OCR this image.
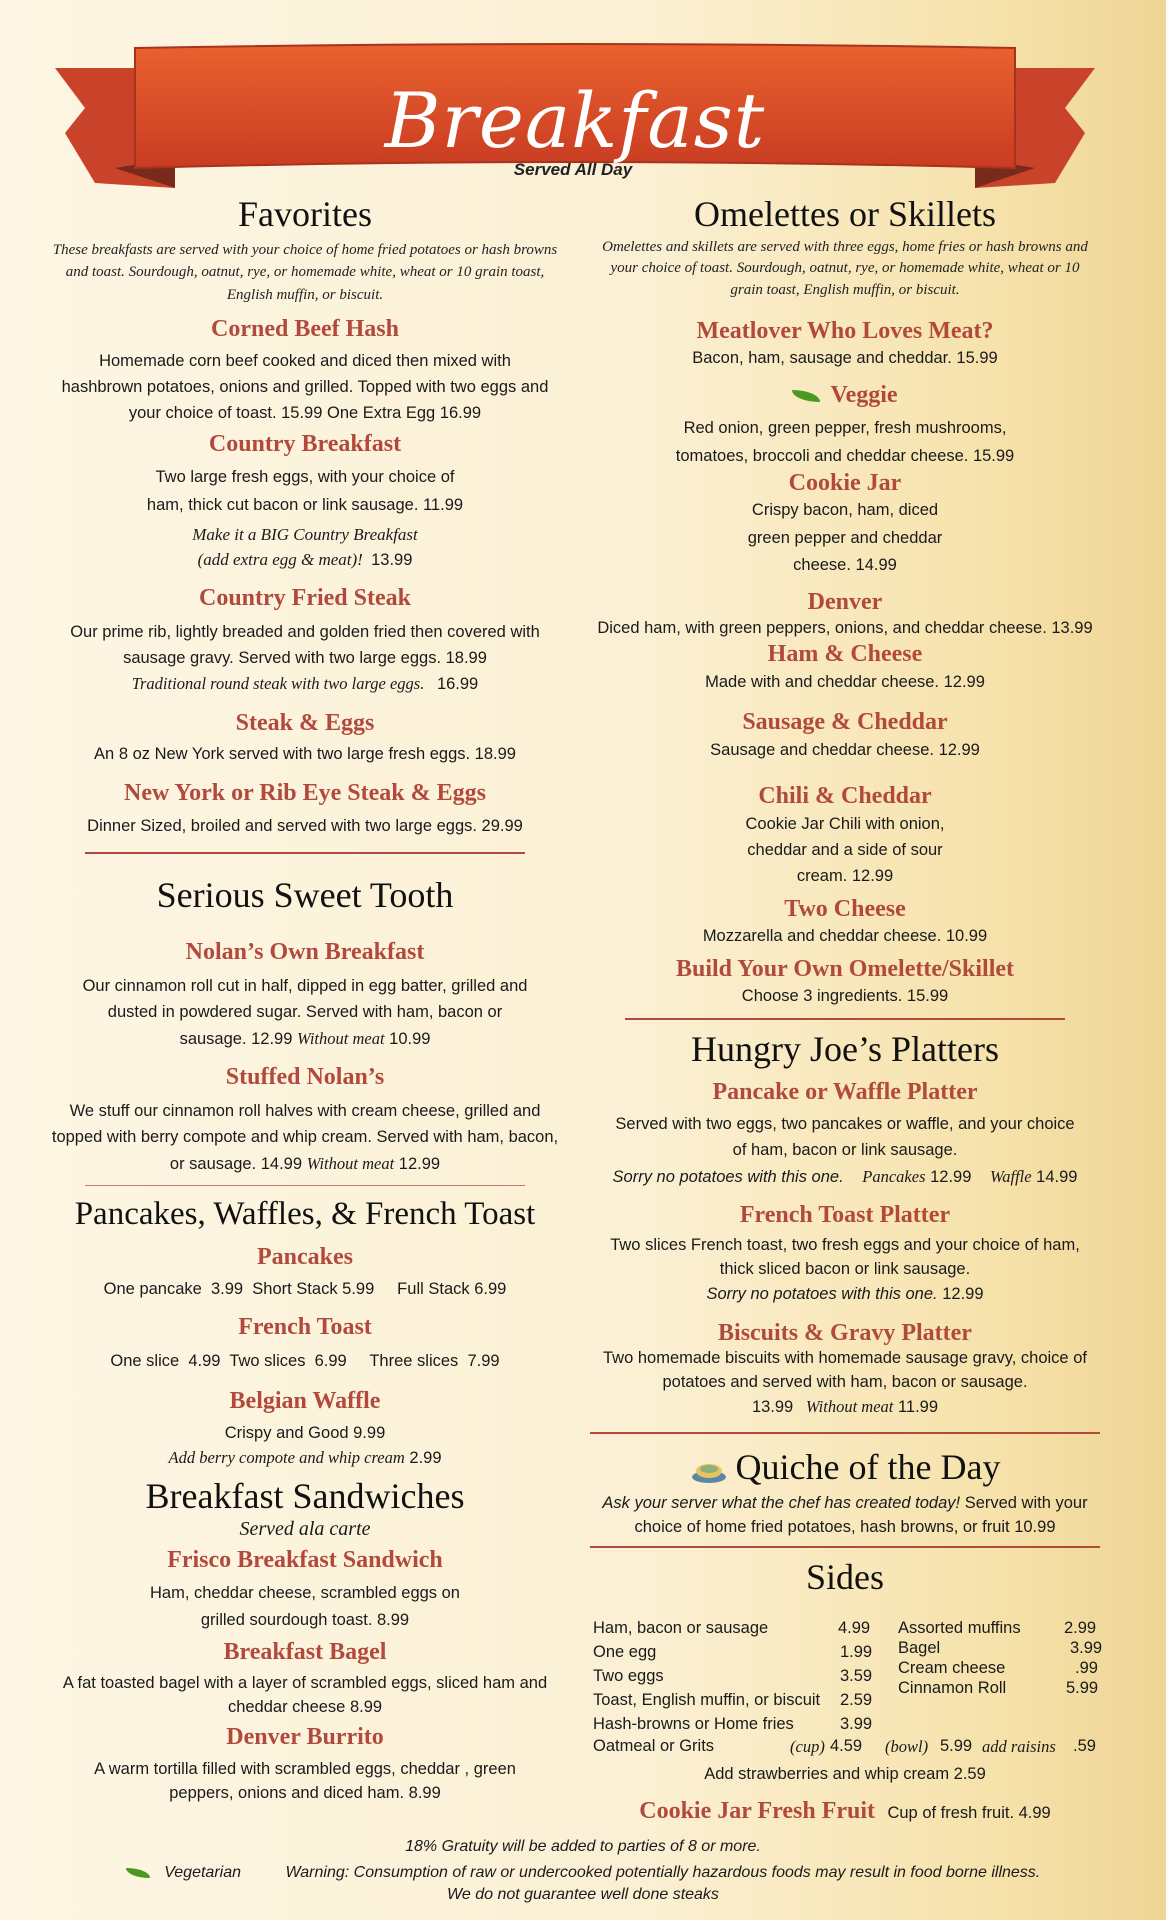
Breakfast
Served All Day
Favorites
These breakfasts are served with your choice of home fried potatoes or hash browns and toast. Sourdough, oatnut, rye, or homemade white, wheat or 10 grain toast, English muffin, or biscuit.
Corned Beef Hash
Homemade corn beef cooked and diced then mixed with hashbrown potatoes, onions and grilled. Topped with two eggs and your choice of toast. 15.99 One Extra Egg 16.99
Country Breakfast
Two large fresh eggs, with your choice of ham, thick cut bacon or link sausage. 11.99
Make it a BIG Country Breakfast
(add extra egg & meat)! 13.99
Country Fried Steak
Our prime rib, lightly breaded and golden fried then covered with sausage gravy. Served with two large eggs. 18.99
Traditional round steak with two large eggs. 16.99
Steak & Eggs
An 8 oz New York served with two large fresh eggs. 18.99
New York or Rib Eye Steak & Eggs
Dinner Sized, broiled and served with two large eggs. 29.99
Serious Sweet Tooth
Nolan’s Own Breakfast
Our cinnamon roll cut in half, dipped in egg batter, grilled and dusted in powdered sugar. Served with ham, bacon or sausage. 12.99 Without meat 10.99
Stuffed Nolan’s
We stuff our cinnamon roll halves with cream cheese, grilled and topped with berry compote and whip cream. Served with ham, bacon, or sausage. 14.99 Without meat 12.99
Pancakes, Waffles, & French Toast
Pancakes
One pancake  3.99  Short Stack 5.99     Full Stack 6.99
French Toast
One slice  4.99  Two slices  6.99     Three slices  7.99
Belgian Waffle
Crispy and Good 9.99
Add berry compote and whip cream 2.99
Breakfast Sandwiches
Served ala carte
Frisco Breakfast Sandwich
Ham, cheddar cheese, scrambled eggs on grilled sourdough toast. 8.99
Breakfast Bagel
A fat toasted bagel with a layer of scrambled eggs, sliced ham and cheddar cheese 8.99
Denver Burrito
A warm tortilla filled with scrambled eggs, cheddar , green peppers, onions and diced ham. 8.99
Omelettes or Skillets
Omelettes and skillets are served with three eggs, home fries or hash browns and your choice of toast. Sourdough, oatnut, rye, or homemade white, wheat or 10 grain toast, English muffin, or biscuit.
Meatlover Who Loves Meat?
Bacon, ham, sausage and cheddar. 15.99
Veggie
Red onion, green pepper, fresh mushrooms, tomatoes, broccoli and cheddar cheese. 15.99
Cookie Jar
Crispy bacon, ham, diced green pepper and cheddar cheese. 14.99
Denver
Diced ham, with green peppers, onions, and cheddar cheese. 13.99
Ham & Cheese
Made with and cheddar cheese. 12.99
Sausage & Cheddar
Sausage and cheddar cheese. 12.99
Chili & Cheddar
Cookie Jar Chili with onion, cheddar and a side of sour cream. 12.99
Two Cheese
Mozzarella and cheddar cheese. 10.99
Build Your Own Omelette/Skillet
Choose 3 ingredients. 15.99
Hungry Joe’s Platters
Pancake or Waffle Platter
Served with two eggs, two pancakes or waffle, and your choice of ham, bacon or link sausage.
Sorry no potatoes with this one. Pancakes 12.99 Waffle 14.99
French Toast Platter
Two slices French toast, two fresh eggs and your choice of ham, thick sliced bacon or link sausage.
Sorry no potatoes with this one. 12.99
Biscuits & Gravy Platter
Two homemade biscuits with homemade sausage gravy, choice of potatoes and served with ham, bacon or sausage.
13.99 Without meat 11.99
Quiche of the Day
Ask your server what the chef has created today! Served with your choice of home fried potatoes, hash browns, or fruit 10.99
Sides
Ham, bacon or sausage	4.99
One egg	1.99
Two eggs	3.59
Toast, English muffin, or biscuit 2.59
Hash-browns or Home fries	3.99
Assorted muffins	2.99
Bagel	3.99
Cream cheese	.99
Cinnamon Roll	5.99
Oatmeal or Grits	(cup) 4.59 (bowl) 5.99 add raisins .59
Add strawberries and whip cream 2.59
Cookie Jar Fresh Fruit Cup of fresh fruit. 4.99
18% Gratuity will be added to parties of 8 or more.
Vegetarian	Warning: Consumption of raw or undercooked potentially hazardous foods may result in food borne illness.
We do not guarantee well done steaks
